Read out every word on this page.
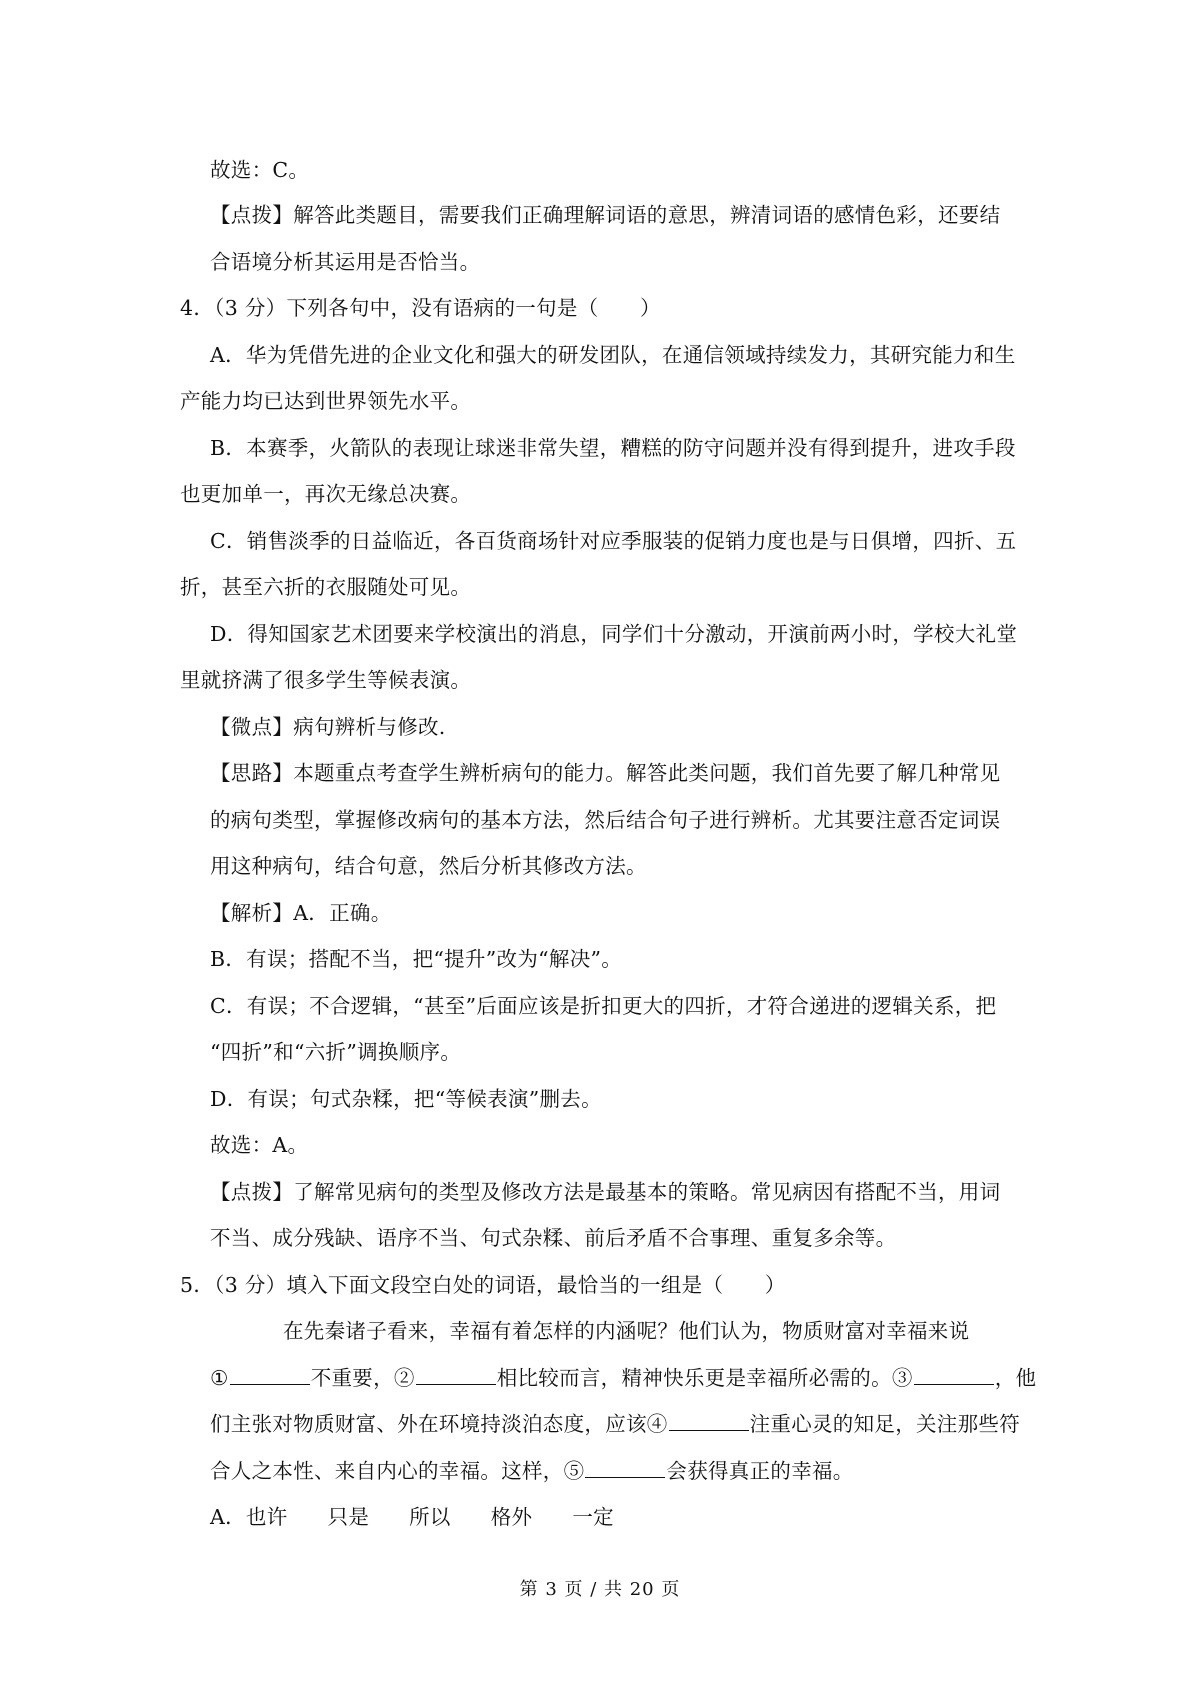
故选：C。

【点拨】解答此类题目，需要我们正确理解词语的意思，辨清词语的感情色彩，还要结

合语境分析其运用是否恰当。

4．（3 分）下列各句中，没有语病的一句是（　　）

A．华为凭借先进的企业文化和强大的研发团队，在通信领域持续发力，其研究能力和生

产能力均已达到世界领先水平。

B．本赛季，火箭队的表现让球迷非常失望，糟糕的防守问题并没有得到提升，进攻手段

也更加单一，再次无缘总决赛。

C．销售淡季的日益临近，各百货商场针对应季服装的促销力度也是与日俱增，四折、五

折，甚至六折的衣服随处可见。

D．得知国家艺术团要来学校演出的消息，同学们十分激动，开演前两小时，学校大礼堂

里就挤满了很多学生等候表演。

【微点】病句辨析与修改.

【思路】本题重点考查学生辨析病句的能力。解答此类问题，我们首先要了解几种常见

的病句类型，掌握修改病句的基本方法，然后结合句子进行辨析。尤其要注意否定词误

用这种病句，结合句意，然后分析其修改方法。

【解析】A．正确。

B．有误；搭配不当，把“提升”改为“解决”。

C．有误；不合逻辑，“甚至”后面应该是折扣更大的四折，才符合递进的逻辑关系，把

“四折”和“六折”调换顺序。

D．有误；句式杂糅，把“等候表演”删去。

故选：A。

【点拨】了解常见病句的类型及修改方法是最基本的策略。常见病因有搭配不当，用词

不当、成分残缺、语序不当、句式杂糅、前后矛盾不合事理、重复多余等。

5．（3 分）填入下面文段空白处的词语，最恰当的一组是（　　）

在先秦诸子看来，幸福有着怎样的内涵呢？他们认为，物质财富对幸福来说

①	不重要，②	相比较而言，精神快乐更是幸福所必需的。③	，他

们主张对物质财富、外在环境持淡泊态度，应该④	注重心灵的知足，关注那些符

合人之本性、来自内心的幸福。这样，⑤	会获得真正的幸福。

A．也许 只是 所以 格外 一定

第 3 页 / 共 20 页
